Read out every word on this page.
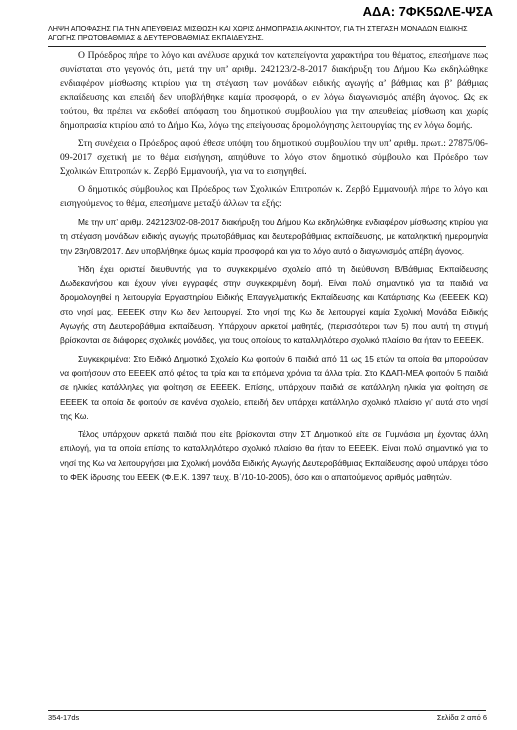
ΑΔΑ: 7ΦΚ5ΩΛΕ-ΨΣΑ
ΛΗΨΗ ΑΠΟΦΑΣΗΣ ΓΙΑ ΤΗΝ ΑΠΕΥΘΕΙΑΣ ΜΙΣΘΩΣΗ ΚΑΙ ΧΩΡΙΣ ΔΗΜΟΠΡΑΣΙΑ ΑΚΙΝΗΤΟΥ, ΓΙΑ ΤΗ ΣΤΕΓΑΣΗ ΜΟΝΑΔΩΝ ΕΙΔΙΚΗΣ
ΑΓΩΓΗΣ ΠΡΩΤΟΒΑΘΜΙΑΣ & ΔΕΥΤΕΡΟΒΑΘΜΙΑΣ ΕΚΠΑΙΔΕΥΣΗΣ.

Ο Πρόεδρος πήρε το λόγο και ανέλυσε αρχικά τον κατεπείγοντα χαρακτήρα του θέματος, επεσήμανε πως συνίσταται στο γεγονός ότι, μετά την υπ’ αριθμ. 242123/2-8-2017 διακήρυξη του Δήμου Κω εκδηλώθηκε ενδιαφέρον μίσθωσης κτιρίου για τη στέγαση των μονάδων ειδικής αγωγής α’ βάθμιας και β’ βάθμιας εκπαίδευσης και επειδή δεν υποβλήθηκε καμία προσφορά, ο εν λόγω διαγωνισμός απέβη άγονος. Ως εκ τούτου, θα πρέπει να εκδοθεί απόφαση του δημοτικού συμβουλίου για την απευθείας μίσθωση και χωρίς δημοπρασία κτιρίου από το Δήμο Κω, λόγω της επείγουσας δρομολόγησης λειτουργίας της εν λόγω δομής.

Στη συνέχεια ο Πρόεδρος αφού έθεσε υπόψη του δημοτικού συμβουλίου την υπ’ αριθμ. πρωτ.: 27875/06-09-2017 σχετική με το θέμα εισήγηση, απηύθυνε το λόγο στον δημοτικό σύμβουλο και Πρόεδρο των Σχολικών Επιτροπών κ. Ζερβό Εμμανουήλ, για να το εισηγηθεί.

Ο δημοτικός σύμβουλος και Πρόεδρος των Σχολικών Επιτροπών κ. Ζερβό Εμμανουήλ πήρε το λόγο και εισηγούμενος το θέμα, επεσήμανε μεταξύ άλλων τα εξής:

Με την υπ’ αριθμ. 242123/02-08-2017 διακήρυξη του Δήμου Κω εκδηλώθηκε ενδιαφέρον μίσθωσης κτιρίου για τη στέγαση μονάδων ειδικής αγωγής πρωτοβάθμιας και δευτεροβάθμιας εκπαίδευσης, με καταληκτική ημερομηνία την 23η/08/2017. Δεν υποβλήθηκε όμως καμία προσφορά και για το λόγο αυτό ο διαγωνισμός απέβη άγονος.

Ήδη έχει οριστεί διευθυντής για το συγκεκριμένο σχολείο από τη διεύθυνση Β/Βάθμιας Εκπαίδευσης Δωδεκανήσου και έχουν γίνει εγγραφές στην συγκεκριμένη δομή. Είναι πολύ σημαντικό για τα παιδιά να δρομολογηθεί η λειτουργία Εργαστηρίου Ειδικής Επαγγελματικής Εκπαίδευσης και Κατάρτισης Κω (ΕΕΕΕΚ ΚΩ) στο νησί μας. ΕΕΕΕΚ στην Κω δεν λειτουργεί. Στο νησί της Κω δε λειτουργεί καμία Σχολική Μονάδα Ειδικής Αγωγής στη Δευτεροβάθμια εκπαίδευση. Υπάρχουν αρκετοί μαθητές, (περισσότεροι των 5) που αυτή τη στιγμή βρίσκονται σε διάφορες σχολικές μονάδες, για τους οποίους το καταλληλότερο σχολικό πλαίσιο θα ήταν το ΕΕΕΕΚ.

Συγκεκριμένα: Στο Ειδικό Δημοτικό Σχολείο Κω φοιτούν 6 παιδιά από 11 ως 15 ετών τα οποία θα μπορούσαν να φοιτήσουν στο ΕΕΕΕΚ από φέτος τα τρία και τα επόμενα χρόνια τα άλλα τρία. Στο ΚΔΑΠ-ΜΕΑ φοιτούν 5 παιδιά σε ηλικίες κατάλληλες για φοίτηση σε ΕΕΕΕΚ. Επίσης, υπάρχουν παιδιά σε κατάλληλη ηλικία για φοίτηση σε ΕΕΕΕΚ τα οποία δε φοιτούν σε κανένα σχολείο, επειδή δεν υπάρχει κατάλληλο σχολικό πλαίσιο γι’ αυτά στο νησί της Κω.

Τέλος υπάρχουν αρκετά παιδιά που είτε βρίσκονται στην ΣΤ Δημοτικού είτε σε Γυμνάσια μη έχοντας άλλη επιλογή, για τα οποία επίσης το καταλληλότερο σχολικό πλαίσιο θα ήταν το ΕΕΕΕΚ. Είναι πολύ σημαντικό για το νησί της Κω να λειτουργήσει μια Σχολική μονάδα Ειδικής Αγωγής Δευτεροβάθμιας Εκπαίδευσης αφού υπάρχει τόσο το ΦΕΚ ίδρυσης του ΕΕΕΚ (Φ.Ε.Κ. 1397 τευχ. Β΄/10-10-2005), όσο και ο απαιτούμενος αριθμός μαθητών.

354-17ds	Σελίδα 2 από 6
